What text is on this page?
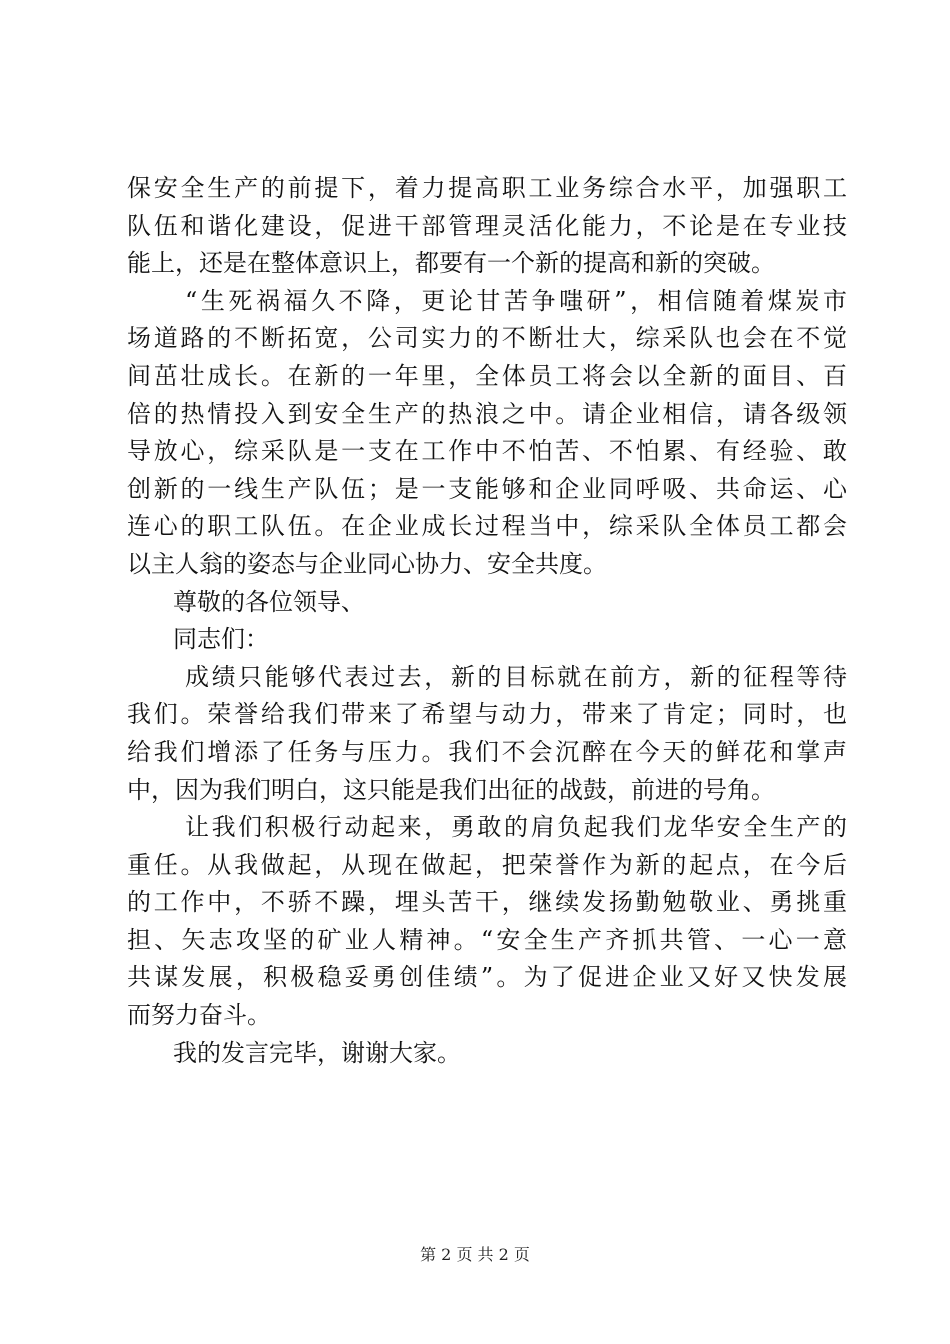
保安全生产的前提下，着力提高职工业务综合水平，加强职工
队伍和谐化建设，促进干部管理灵活化能力，不论是在专业技
能上，还是在整体意识上，都要有一个新的提高和新的突破。
“生死祸福久不降，更论甘苦争嗤研”，相信随着煤炭市
场道路的不断拓宽，公司实力的不断壮大，综采队也会在不觉
间茁壮成长。在新的一年里，全体员工将会以全新的面目、百
倍的热情投入到安全生产的热浪之中。请企业相信，请各级领
导放心，综采队是一支在工作中不怕苦、不怕累、有经验、敢
创新的一线生产队伍；是一支能够和企业同呼吸、共命运、心
连心的职工队伍。在企业成长过程当中，综采队全体员工都会
以主人翁的姿态与企业同心协力、安全共度。
尊敬的各位领导、
同志们：
成绩只能够代表过去，新的目标就在前方，新的征程等待
我们。荣誉给我们带来了希望与动力，带来了肯定；同时，也
给我们增添了任务与压力。我们不会沉醉在今天的鲜花和掌声
中，因为我们明白，这只能是我们出征的战鼓，前进的号角。
让我们积极行动起来，勇敢的肩负起我们龙华安全生产的
重任。从我做起，从现在做起，把荣誉作为新的起点，在今后
的工作中，不骄不躁，埋头苦干，继续发扬勤勉敬业、勇挑重
担、矢志攻坚的矿业人精神。“安全生产齐抓共管、一心一意
共谋发展，积极稳妥勇创佳绩”。为了促进企业又好又快发展
而努力奋斗。
我的发言完毕，谢谢大家。
第 2 页 共 2 页
